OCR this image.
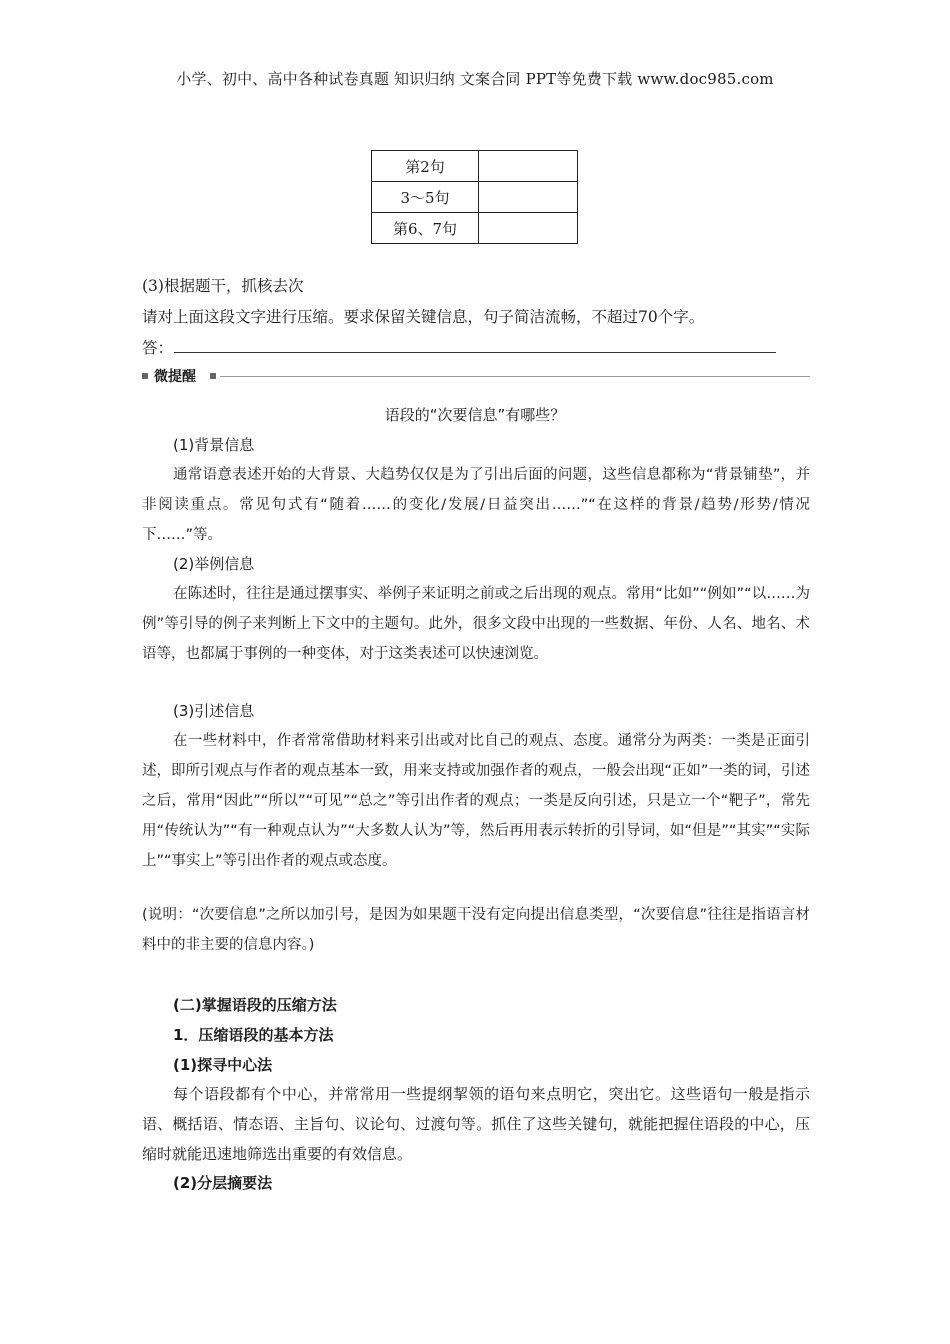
小学、初中、高中各种试卷真题 知识归纳 文案合同 PPT等免费下载 www.doc985.com
第2句	
3～5句	
第6、7句	
(3)根据题干，抓核去次
请对上面这段文字进行压缩。要求保留关键信息，句子简洁流畅，不超过70个字。
答：
微提醒
语段的“次要信息”有哪些？
(1)背景信息
通常语意表述开始的大背景、大趋势仅仅是为了引出后面的问题，这些信息都称为“背景铺垫”，并非阅读重点。常见句式有“随着……的变化/发展/日益突出……”“在这样的背景/趋势/形势/情况下……”等。
(2)举例信息
在陈述时，往往是通过摆事实、举例子来证明之前或之后出现的观点。常用“比如”“例如”“以……为例”等引导的例子来判断上下文中的主题句。此外，很多文段中出现的一些数据、年份、人名、地名、术语等，也都属于事例的一种变体，对于这类表述可以快速浏览。
(3)引述信息
在一些材料中，作者常常借助材料来引出或对比自己的观点、态度。通常分为两类：一类是正面引述，即所引观点与作者的观点基本一致，用来支持或加强作者的观点，一般会出现“正如”一类的词，引述之后，常用“因此”“所以”“可见”“总之”等引出作者的观点；一类是反向引述，只是立一个“靶子”，常先用“传统认为”“有一种观点认为”“大多数人认为”等，然后再用表示转折的引导词，如“但是”“其实”“实际上”“事实上”等引出作者的观点或态度。
(说明：“次要信息”之所以加引号，是因为如果题干没有定向提出信息类型，“次要信息”往往是指语言材料中的非主要的信息内容。)
(二)掌握语段的压缩方法
1．压缩语段的基本方法
(1)探寻中心法
每个语段都有个中心，并常常用一些提纲挈领的语句来点明它，突出它。这些语句一般是指示语、概括语、情态语、主旨句、议论句、过渡句等。抓住了这些关键句，就能把握住语段的中心，压缩时就能迅速地筛选出重要的有效信息。
(2)分层摘要法
